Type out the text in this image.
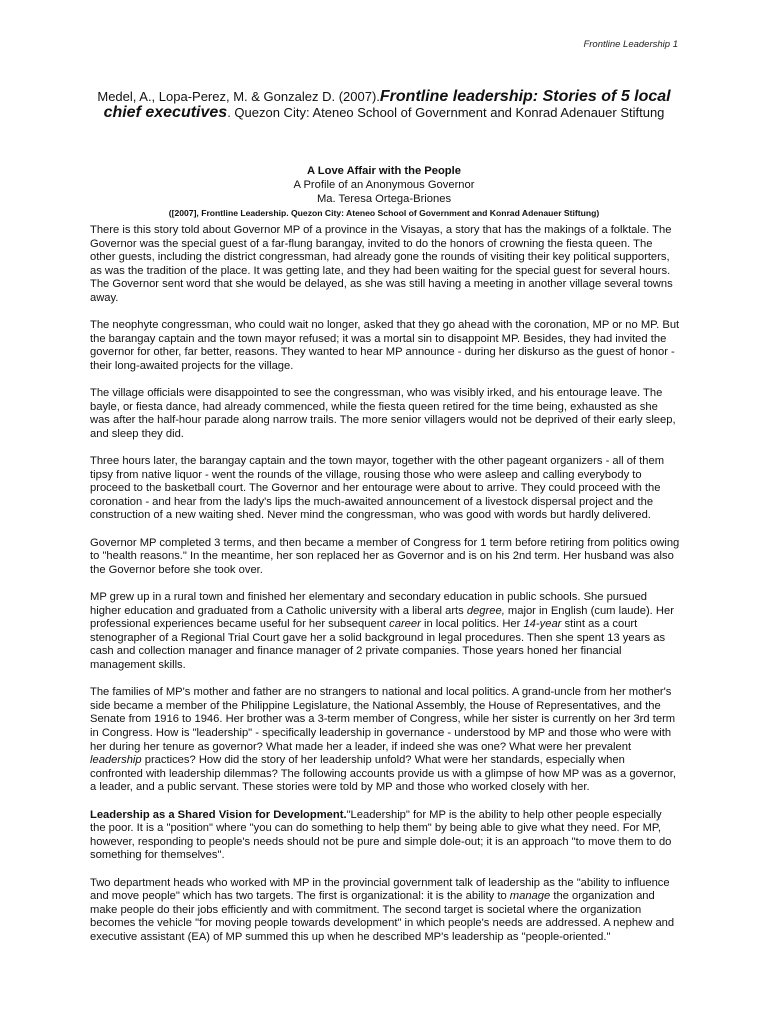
Frontline Leadership 1
Medel, A., Lopa-Perez, M. & Gonzalez D. (2007).Frontline leadership: Stories of 5 local chief executives. Quezon City: Ateneo School of Government and Konrad Adenauer Stiftung
A Love Affair with the People
A Profile of an Anonymous Governor
Ma. Teresa Ortega-Briones
([2007], Frontline Leadership. Quezon City: Ateneo School of Government and Konrad Adenauer Stiftung)

There is this story told about Governor MP of a province in the Visayas, a story that has the makings of a folktale. The Governor was the special guest of a far-flung barangay, invited to do the honors of crowning the fiesta queen. The other guests, including the district congressman, had already gone the rounds of visiting their key political supporters, as was the tradition of the place. It was getting late, and they had been waiting for the special guest for several hours. The Governor sent word that she would be delayed, as she was still having a meeting in another village several towns away.

The neophyte congressman, who could wait no longer, asked that they go ahead with the coronation, MP or no MP. But the barangay captain and the town mayor refused; it was a mortal sin to disappoint MP. Besides, they had invited the governor for other, far better, reasons. They wanted to hear MP announce - during her diskurso as the guest of honor - their long-awaited projects for the village.

The village officials were disappointed to see the congressman, who was visibly irked, and his entourage leave. The bayle, or fiesta dance, had already commenced, while the fiesta queen retired for the time being, exhausted as she was after the half-hour parade along narrow trails. The more senior villagers would not be deprived of their early sleep, and sleep they did.

Three hours later, the barangay captain and the town mayor, together with the other pageant organizers - all of them tipsy from native liquor - went the rounds of the village, rousing those who were asleep and calling everybody to proceed to the basketball court. The Governor and her entourage were about to arrive. They could proceed with the coronation - and hear from the lady's lips the much-awaited announcement of a livestock dispersal project and the construction of a new waiting shed. Never mind the congressman, who was good with words but hardly delivered.

Governor MP completed 3 terms, and then became a member of Congress for 1 term before retiring from politics owing to "health reasons." In the meantime, her son replaced her as Governor and is on his 2nd term. Her husband was also the Governor before she took over.

MP grew up in a rural town and finished her elementary and secondary education in public schools. She pursued higher education and graduated from a Catholic university with a liberal arts degree, major in English (cum laude). Her professional experiences became useful for her subsequent career in local politics. Her 14-year stint as a court stenographer of a Regional Trial Court gave her a solid background in legal procedures. Then she spent 13 years as cash and collection manager and finance manager of 2 private companies. Those years honed her financial management skills.

The families of MP's mother and father are no strangers to national and local politics. A grand-uncle from her mother's side became a member of the Philippine Legislature, the National Assembly, the House of Representatives, and the Senate from 1916 to 1946. Her brother was a 3-term member of Congress, while her sister is currently on her 3rd term in Congress. How is "leadership" - specifically leadership in governance - understood by MP and those who were with her during her tenure as governor? What made her a leader, if indeed she was one? What were her prevalent leadership practices? How did the story of her leadership unfold? What were her standards, especially when confronted with leadership dilemmas? The following accounts provide us with a glimpse of how MP was as a governor, a leader, and a public servant. These stories were told by MP and those who worked closely with her.

Leadership as a Shared Vision for Development."Leadership" for MP is the ability to help other people especially the poor. It is a "position" where "you can do something to help them" by being able to give what they need. For MP, however, responding to people's needs should not be pure and simple dole-out; it is an approach "to move them to do something for themselves".

Two department heads who worked with MP in the provincial government talk of leadership as the "ability to influence and move people" which has two targets. The first is organizational: it is the ability to manage the organization and make people do their jobs efficiently and with commitment. The second target is societal where the organization becomes the vehicle "for moving people towards development" in which people's needs are addressed. A nephew and executive assistant (EA) of MP summed this up when he described MP's leadership as "people-oriented."
